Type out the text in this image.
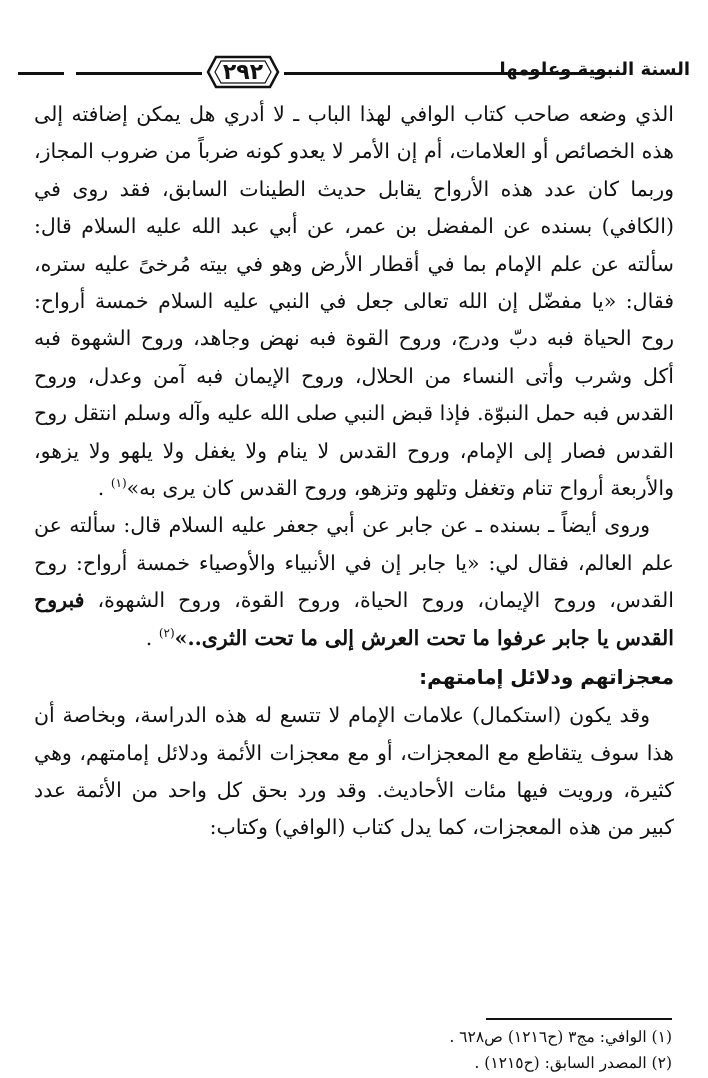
٢٩٢	السنة النبوية وعلومها

الذي وضعه صاحب كتاب الوافي لهذا الباب ـ لا أدري هل يمكن إضافته إلى هذه الخصائص أو العلامات، أم إن الأمر لا يعدو كونه ضرباً من ضروب المجاز، وربما كان عدد هذه الأرواح يقابل حديث الطينات السابق، فقد روى في (الكافي) بسنده عن المفضل بن عمر، عن أبي عبد الله عليه السلام قال: سألته عن علم الإمام بما في أقطار الأرض وهو في بيته مُرخىً عليه ستره، فقال: «يا مفضّل إن الله تعالى جعل في النبي عليه السلام خمسة أرواح: روح الحياة فبه دبّ ودرج، وروح القوة فبه نهض وجاهد، وروح الشهوة فبه أكل وشرب وأتى النساء من الحلال، وروح الإيمان فبه آمن وعدل، وروح القدس فبه حمل النبوّة. فإذا قبض النبي صلى الله عليه وآله وسلم انتقل روح القدس فصار إلى الإمام، وروح القدس لا ينام ولا يغفل ولا يلهو ولا يزهو، والأربعة أرواح تنام وتغفل وتلهو وتزهو، وروح القدس كان يرى به»$^{(١)}$ .

وروى أيضاً ـ بسنده ـ عن جابر عن أبي جعفر عليه السلام قال: سألته عن علم العالم، فقال لي: «يا جابر إن في الأنبياء والأوصياء خمسة أرواح: روح القدس، وروح الإيمان، وروح الحياة، وروح القوة، وروح الشهوة، فبروح القدس يا جابر عرفوا ما تحت العرش إلى ما تحت الثرى..»$^{(٢)}$ .

معجزاتهم ودلائل إمامتهم:

وقد يكون (استكمال) علامات الإمام لا تتسع له هذه الدراسة، وبخاصة أن هذا سوف يتقاطع مع المعجزات، أو مع معجزات الأئمة ودلائل إمامتهم، وهي كثيرة، ورويت فيها مئات الأحاديث. وقد ورد بحق كل واحد من الأئمة عدد كبير من هذه المعجزات، كما يدل كتاب (الوافي) وكتاب:

(١) الوافي: مج٣ (ح١٢١٦) ص٦٢٨ .

(٢) المصدر السابق: (ح١٢١٥) .
